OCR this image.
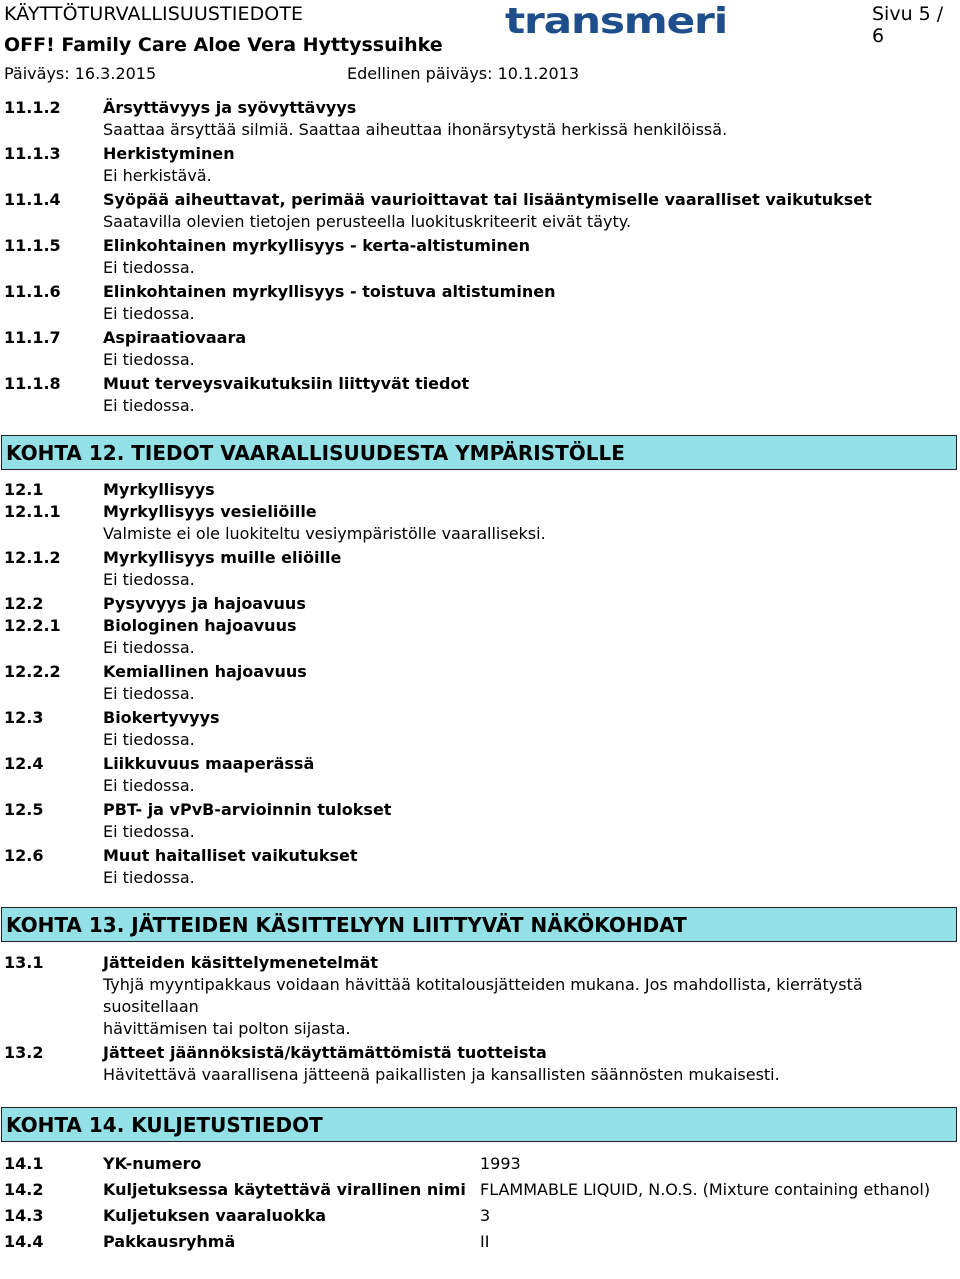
KÄYTTÖTURVALLISUUSTIEDOTE
OFF! Family Care Aloe Vera Hyttyssuihke
Päiväys: 16.3.2015	Edellinen päiväys: 10.1.2013
Sivu 5 / 6
transmeri
11.1.2	Ärsyttävyys ja syövyttävyys
Saattaa ärsyttää silmiä. Saattaa aiheuttaa ihonärsytystä herkissä henkilöissä.
11.1.3	Herkistyminen
Ei herkistävä.
11.1.4	Syöpää aiheuttavat, perimää vaurioittavat tai lisääntymiselle vaaralliset vaikutukset
Saatavilla olevien tietojen perusteella luokituskriteerit eivät täyty.
11.1.5	Elinkohtainen myrkyllisyys - kerta-altistuminen
Ei tiedossa.
11.1.6	Elinkohtainen myrkyllisyys - toistuva altistuminen
Ei tiedossa.
11.1.7	Aspiraatiovaara
Ei tiedossa.
11.1.8	Muut terveysvaikutuksiin liittyvät tiedot
Ei tiedossa.
KOHTA 12. TIEDOT VAARALLISUUDESTA YMPÄRISTÖLLE
12.1	Myrkyllisyys
12.1.1	Myrkyllisyys vesieliöille
Valmiste ei ole luokiteltu vesiympäristölle vaaralliseksi.
12.1.2	Myrkyllisyys muille eliöille
Ei tiedossa.
12.2	Pysyvyys ja hajoavuus
12.2.1	Biologinen hajoavuus
Ei tiedossa.
12.2.2	Kemiallinen hajoavuus
Ei tiedossa.
12.3	Biokertyvyys
Ei tiedossa.
12.4	Liikkuvuus maaperässä
Ei tiedossa.
12.5	PBT- ja vPvB-arvioinnin tulokset
Ei tiedossa.
12.6	Muut haitalliset vaikutukset
Ei tiedossa.
KOHTA 13. JÄTTEIDEN KÄSITTELYYN LIITTYVÄT NÄKÖKOHDAT
13.1	Jätteiden käsittelymenetelmät
Tyhjä myyntipakkaus voidaan hävittää kotitalousjätteiden mukana. Jos mahdollista, kierrätystä suositellaan
hävittämisen tai polton sijasta.
13.2	Jätteet jäännöksistä/käyttämättömistä tuotteista
Hävitettävä vaarallisena jätteenä paikallisten ja kansallisten säännösten mukaisesti.
KOHTA 14. KULJETUSTIEDOT
14.1	YK-numero	1993
14.2	Kuljetuksessa käytettävä virallinen nimi FLAMMABLE LIQUID, N.O.S. (Mixture containing ethanol)
14.3	Kuljetuksen vaaraluokka	3
14.4	Pakkausryhmä	II
